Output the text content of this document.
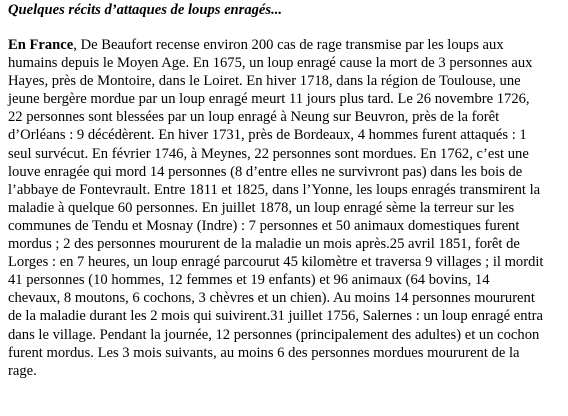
Quelques récits d’attaques de loups enragés...

En France, De Beaufort recense environ 200 cas de rage transmise par les loups aux
humains depuis le Moyen Age. En 1675, un loup enragé cause la mort de 3 personnes aux
Hayes, près de Montoire, dans le Loiret. En hiver 1718, dans la région de Toulouse, une
jeune bergère mordue par un loup enragé meurt 11 jours plus tard. Le 26 novembre 1726,
22 personnes sont blessées par un loup enragé à Neung sur Beuvron, près de la forêt
d’Orléans : 9 décédèrent. En hiver 1731, près de Bordeaux, 4 hommes furent attaqués : 1
seul survécut. En février 1746, à Meynes, 22 personnes sont mordues. En 1762, c’est une
louve enragée qui mord 14 personnes (8 d’entre elles ne survivront pas) dans les bois de
l’abbaye de Fontevrault. Entre 1811 et 1825, dans l’Yonne, les loups enragés transmirent la
maladie à quelque 60 personnes. En juillet 1878, un loup enragé sème la terreur sur les
communes de Tendu et Mosnay (Indre) : 7 personnes et 50 animaux domestiques furent
mordus ; 2 des personnes moururent de la maladie un mois après.25 avril 1851, forêt de
Lorges : en 7 heures, un loup enragé parcourut 45 kilomètre et traversa 9 villages ; il mordit
41 personnes (10 hommes, 12 femmes et 19 enfants) et 96 animaux (64 bovins, 14
chevaux, 8 moutons, 6 cochons, 3 chèvres et un chien). Au moins 14 personnes moururent
de la maladie durant les 2 mois qui suivirent.31 juillet 1756, Salernes : un loup enragé entra
dans le village. Pendant la journée, 12 personnes (principalement des adultes) et un cochon
furent mordus. Les 3 mois suivants, au moins 6 des personnes mordues moururent de la
rage.
